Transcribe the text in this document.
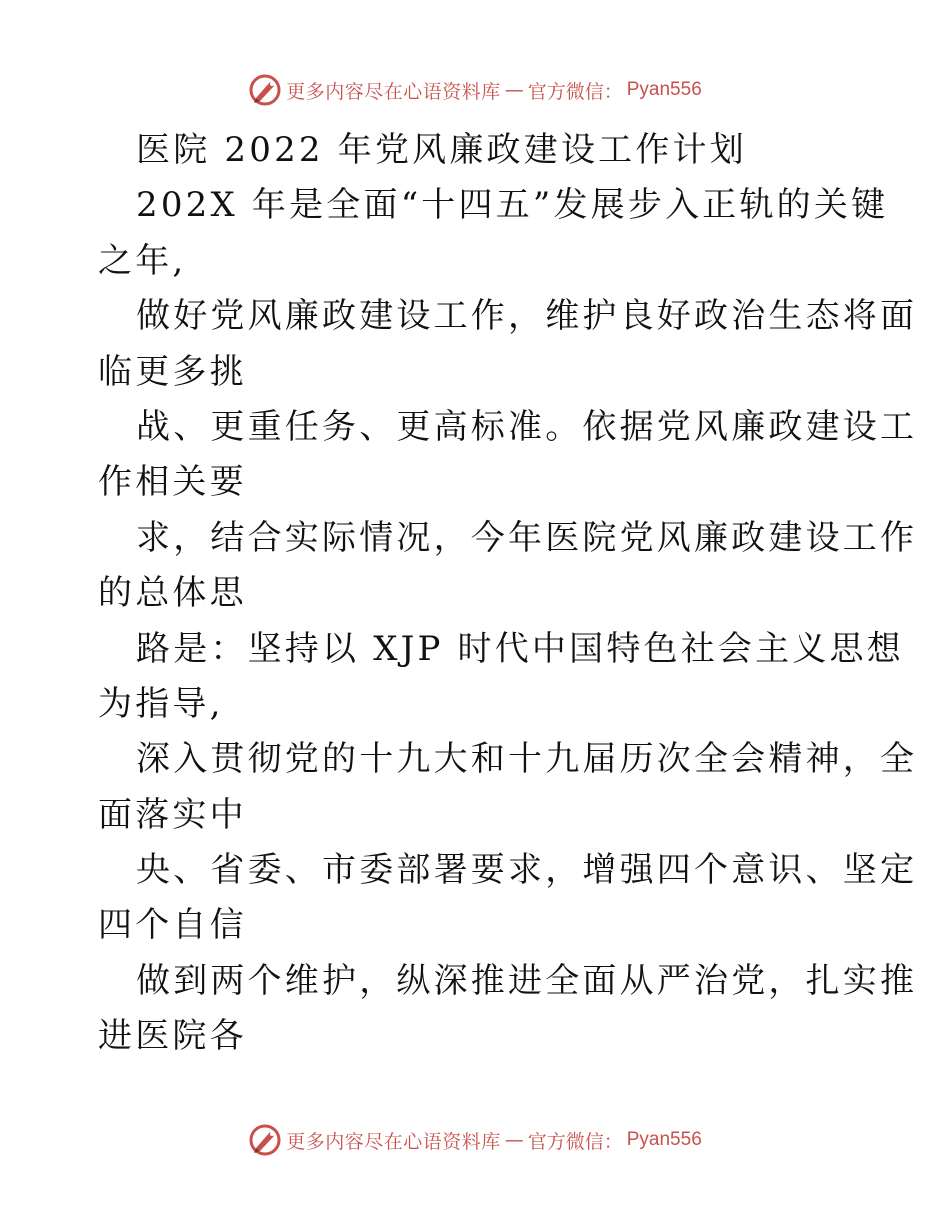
更多内容尽在心语资料库 — 官方微信： Pyan556
医院 2022 年党风廉政建设工作计划
202X 年是全面“十四五”发展步入正轨的关键
之年,
做好党风廉政建设工作，维护良好政治生态将面
临更多挑
战、更重任务、更高标准。依据党风廉政建设工
作相关要
求，结合实际情况，今年医院党风廉政建设工作
的总体思
路是：坚持以 XJP 时代中国特色社会主义思想
为指导,
深入贯彻党的十九大和十九届历次全会精神，全
面落实中
央、省委、市委部署要求，增强四个意识、坚定
四个自信
做到两个维护，纵深推进全面从严治党，扎实推
进医院各
更多内容尽在心语资料库 — 官方微信： Pyan556
